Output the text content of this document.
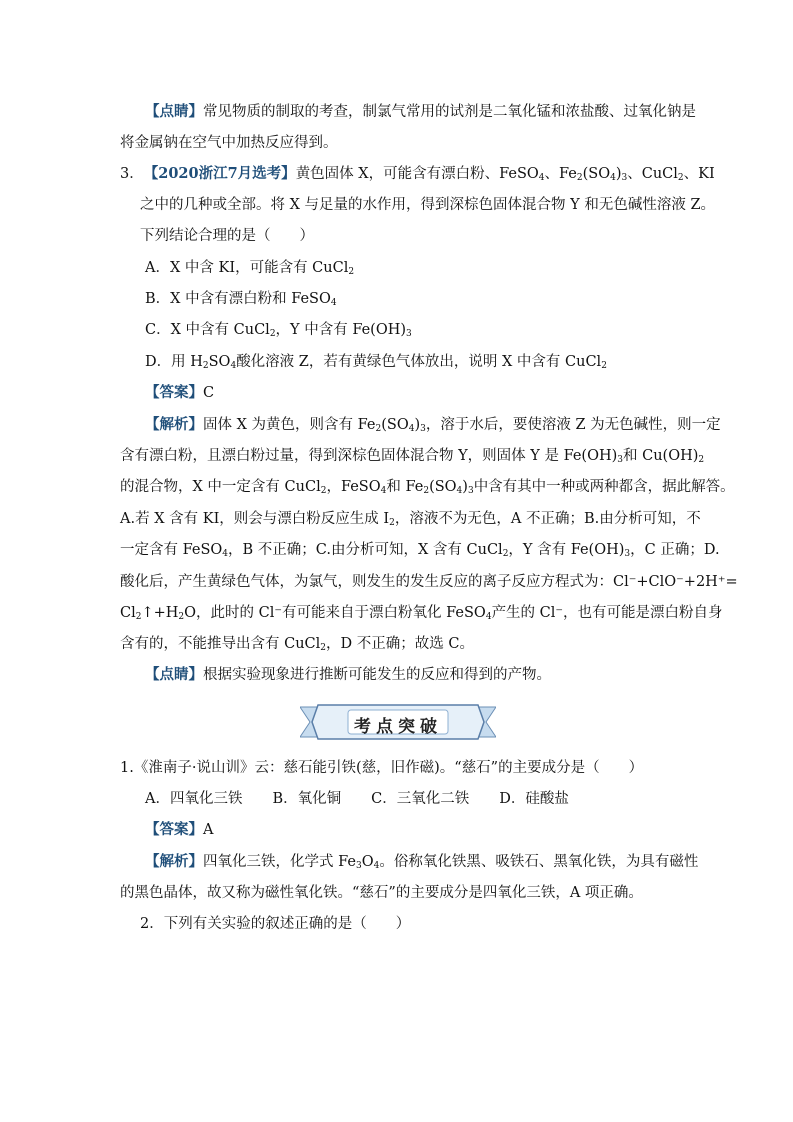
【点睛】常见物质的制取的考查，制氯气常用的试剂是二氧化锰和浓盐酸、过氧化钠是
将金属钠在空气中加热反应得到。
3．【2020浙江7月选考】黄色固体 X，可能含有漂白粉、FeSO$_4$、$Fe_2(SO_4)_3$、CuCl$_2$、KI
之中的几种或全部。将 X 与足量的水作用，得到深棕色固体混合物 Y 和无色碱性溶液 Z。
下列结论合理的是（　　）
A．X 中含 KI，可能含有 CuCl$_2$
B．X 中含有漂白粉和 FeSO$_4$
C．X 中含有 CuCl$_2$，Y 中含有 $Fe(OH)_3$
D．用 $H_2SO_4$酸化溶液 Z，若有黄绿色气体放出，说明 X 中含有 CuCl$_2$
【答案】C
【解析】固体 X 为黄色，则含有 $Fe_2(SO_4)_3$，溶于水后，要使溶液 Z 为无色碱性，则一定
含有漂白粉，且漂白粉过量，得到深棕色固体混合物 Y，则固体 Y 是 $Fe(OH)_3$和 $Cu(OH)_2$
的混合物，X 中一定含有 CuCl$_2$，FeSO$_4$和 $Fe_2(SO_4)_3$中含有其中一种或两种都含，据此解答。
A.若 X 含有 KI，则会与漂白粉反应生成 $I_2$，溶液不为无色，A 不正确；B.由分析可知，不
一定含有 FeSO$_4$，B 不正确；C.由分析可知，X 含有 CuCl$_2$，Y 含有 $Fe(OH)_3$，C 正确；D.
酸化后，产生黄绿色气体，为氯气，则发生的发生反应的离子反应方程式为：Cl⁻+ClO⁻+2H⁺=
$Cl_2↑+H_2O$，此时的 Cl⁻有可能来自于漂白粉氧化 FeSO$_4$产生的 Cl⁻，也有可能是漂白粉自身
含有的，不能推导出含有 CuCl$_2$，D 不正确；故选 C。
【点睛】根据实验现象进行推断可能发生的反应和得到的产物。
考点突破
1.《淮南子·说山训》云：慈石能引铁(慈，旧作磁)。“慈石”的主要成分是（　　）
A．四氧化三铁 B．氧化铜 C．三氧化二铁 D．硅酸盐
【答案】A
【解析】四氧化三铁，化学式 $Fe_3O_4$。俗称氧化铁黑、吸铁石、黑氧化铁，为具有磁性
的黑色晶体，故又称为磁性氧化铁。“慈石”的主要成分是四氧化三铁，A 项正确。
2．下列有关实验的叙述正确的是（　　）
